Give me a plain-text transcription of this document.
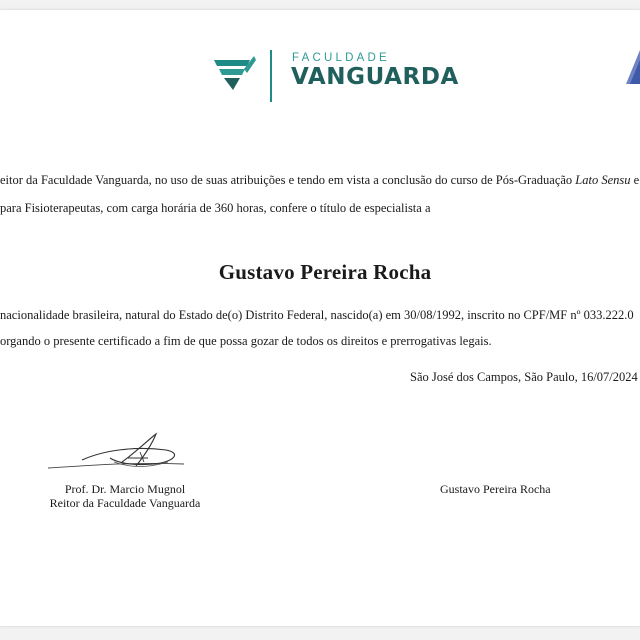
FACULDADE
VANGUARDA
eitor da Faculdade Vanguarda, no uso de suas atribuições e tendo em vista a conclusão do curso de Pós-Graduação Lato Sensu e
para Fisioterapeutas, com carga horária de 360 horas, confere o título de especialista a
Gustavo Pereira Rocha
nacionalidade brasileira, natural do Estado de(o) Distrito Federal, nascido(a) em 30/08/1992, inscrito no CPF/MF nº 033.222.0
orgando o presente certificado a fim de que possa gozar de todos os direitos e prerrogativas legais.
São José dos Campos, São Paulo, 16/07/2024
Prof. Dr. Marcio Mugnol
Reitor da Faculdade Vanguarda
Gustavo Pereira Rocha
